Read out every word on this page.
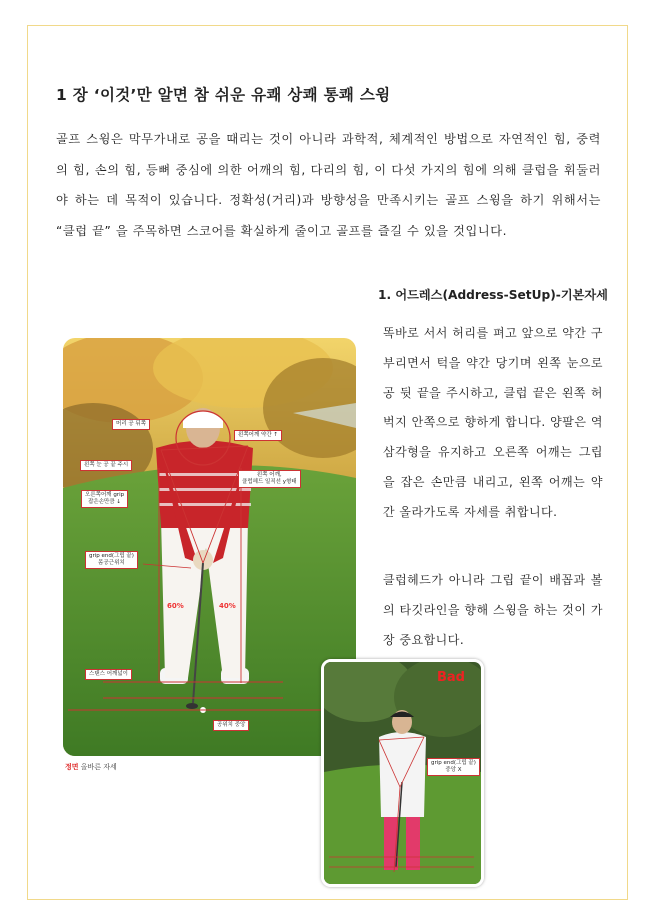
1 장 ‘이것’만 알면 참 쉬운 유쾌 상쾌 통쾌 스윙
골프 스윙은 막무가내로 공을 때리는 것이 아니라 과학적, 체계적인 방법으로 자연적인 힘, 중력의 힘, 손의 힘, 등뼈 중심에 의한 어깨의 힘, 다리의 힘, 이 다섯 가지의 힘에 의해 클럽을 휘둘러야 하는 데 목적이 있습니다. 정확성(거리)과 방향성을 만족시키는 골프 스윙을 하기 위해서는 “클럽 끝” 을 주목하면 스코어를 확실하게 줄이고 골프를 즐길 수 있을 것입니다.
1. 어드레스(Address-SetUp)-기본자세
똑바로 서서 허리를 펴고 앞으로 약간 구부리면서 턱을 약간 당기며 왼쪽 눈으로 공 뒷 끝을 주시하고, 클럽 끝은 왼쪽 허벅지 안쪽으로 향하게 합니다. 양팔은 역삼각형을 유지하고 오른쪽 어깨는 그립을 잡은 손만큼 내리고, 왼쪽 어깨는 약간 올라가도록 자세를 취합니다.
클럽헤드가 아니라 그립 끝이 배꼽과 볼의 타깃라인을 향해 스윙을 하는 것이 가장 중요합니다.
머리 공 뒤쪽
왼쪽어깨 약간 ↑
왼쪽 눈 공 끝 주시
왼쪽 어깨,
클럽헤드 일직선 y형태
오른쪽어깨 grip
잡은손만큼 ↓
grip end(그립 끝)
몸공근위치
60%	40%
스탠스 어깨넓이
공위치 중앙
정면 올바른 자세
Bad
grip end(그립 끝)
중앙 X
